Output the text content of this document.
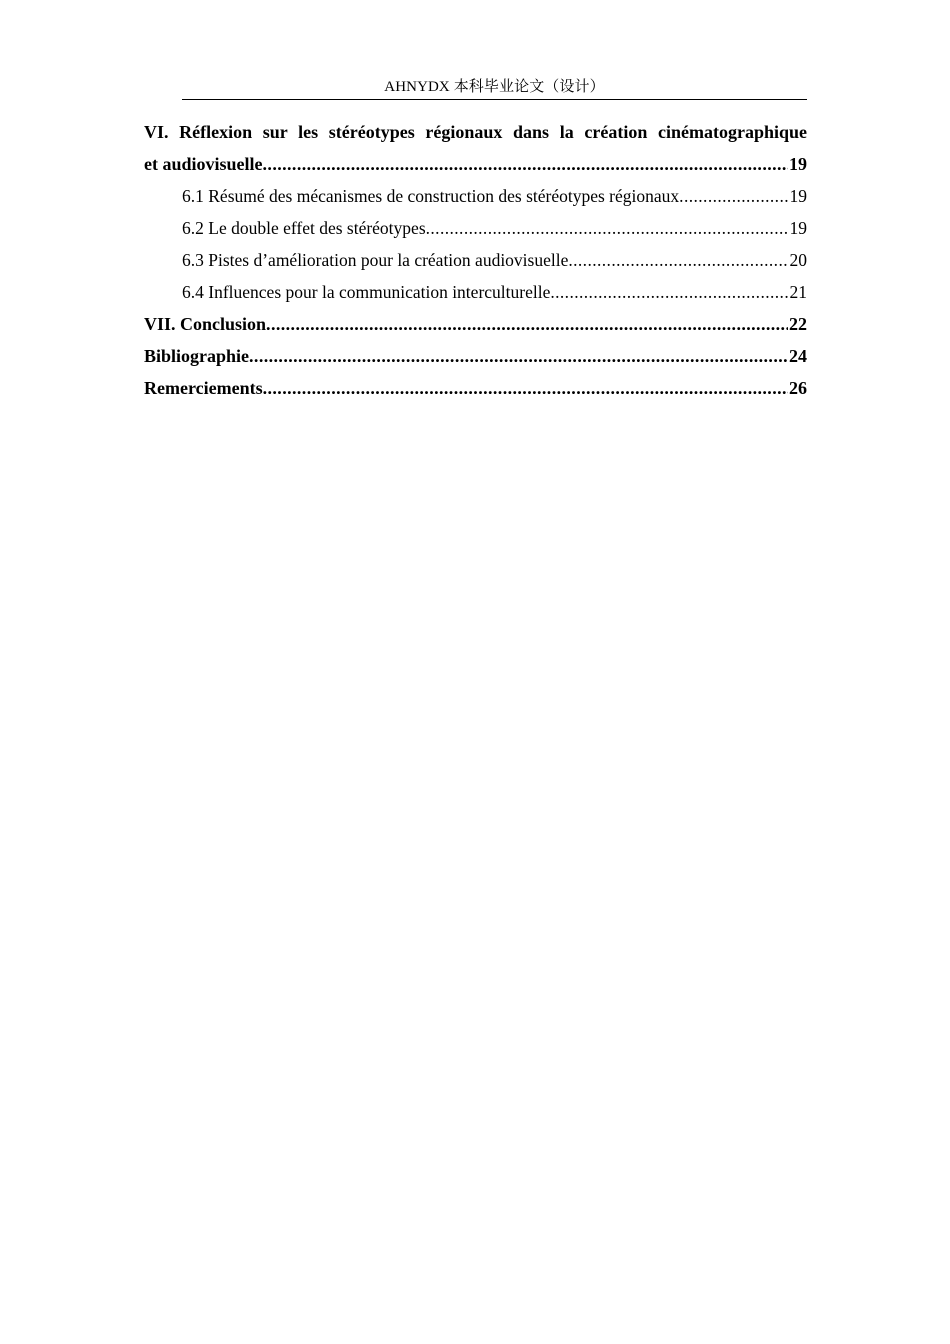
AHNYDX 本科毕业论文（设计）
VI. Réflexion sur les stéréotypes régionaux dans la création cinématographique
et audiovisuelle .....	19
6.1 Résumé des mécanismes de construction des stéréotypes régionaux .....	19
6.2 Le double effet des stéréotypes .....	19
6.3 Pistes d’amélioration pour la création audiovisuelle .....	20
6.4 Influences pour la communication interculturelle .....	21
VII. Conclusion .....	22
Bibliographie .....	24
Remerciements .....	26
